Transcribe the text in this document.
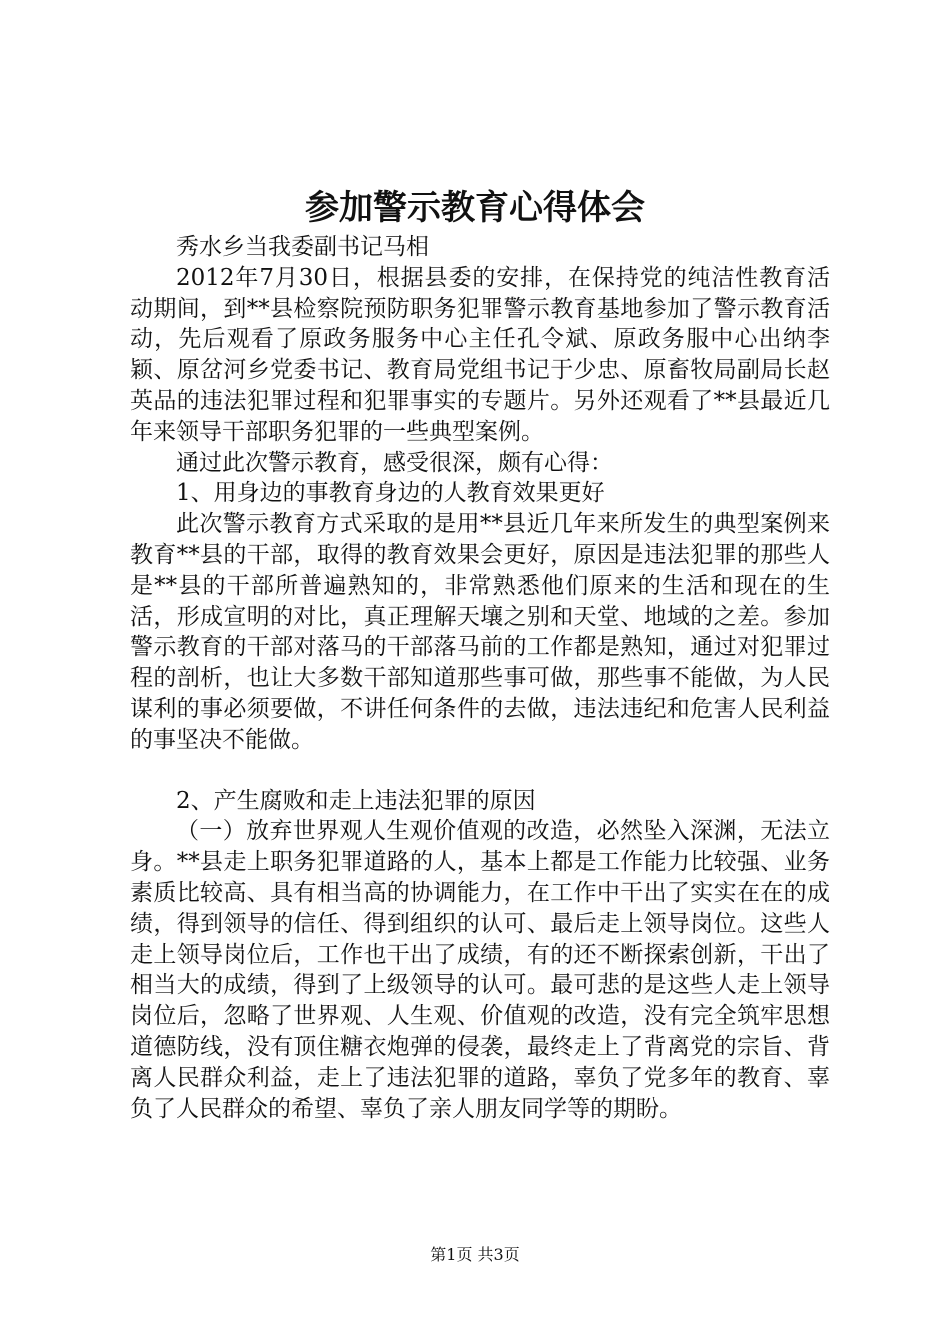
参加警示教育心得体会

秀水乡当我委副书记马相

2012年7月30日，根据县委的安排，在保持党的纯洁性教育活动期间，到**县检察院预防职务犯罪警示教育基地参加了警示教育活动，先后观看了原政务服务中心主任孔令斌、原政务服中心出纳李颖、原岔河乡党委书记、教育局党组书记于少忠、原畜牧局副局长赵英品的违法犯罪过程和犯罪事实的专题片。另外还观看了**县最近几年来领导干部职务犯罪的一些典型案例。

通过此次警示教育，感受很深，颇有心得：

1、用身边的事教育身边的人教育效果更好

此次警示教育方式采取的是用**县近几年来所发生的典型案例来教育**县的干部，取得的教育效果会更好，原因是违法犯罪的那些人是**县的干部所普遍熟知的，非常熟悉他们原来的生活和现在的生活，形成宣明的对比，真正理解天壤之别和天堂、地域的之差。参加警示教育的干部对落马的干部落马前的工作都是熟知，通过对犯罪过程的剖析，也让大多数干部知道那些事可做，那些事不能做，为人民谋利的事必须要做，不讲任何条件的去做，违法违纪和危害人民利益的事坚决不能做。

2、产生腐败和走上违法犯罪的原因

（一）放弃世界观人生观价值观的改造，必然坠入深渊，无法立身。**县走上职务犯罪道路的人，基本上都是工作能力比较强、业务素质比较高、具有相当高的协调能力，在工作中干出了实实在在的成绩，得到领导的信任、得到组织的认可、最后走上领导岗位。这些人走上领导岗位后，工作也干出了成绩，有的还不断探索创新，干出了相当大的成绩，得到了上级领导的认可。最可悲的是这些人走上领导岗位后，忽略了世界观、人生观、价值观的改造，没有完全筑牢思想道德防线，没有顶住糖衣炮弹的侵袭，最终走上了背离党的宗旨、背离人民群众利益，走上了违法犯罪的道路，辜负了党多年的教育、辜负了人民群众的希望、辜负了亲人朋友同学等的期盼。

第1页 共3页
